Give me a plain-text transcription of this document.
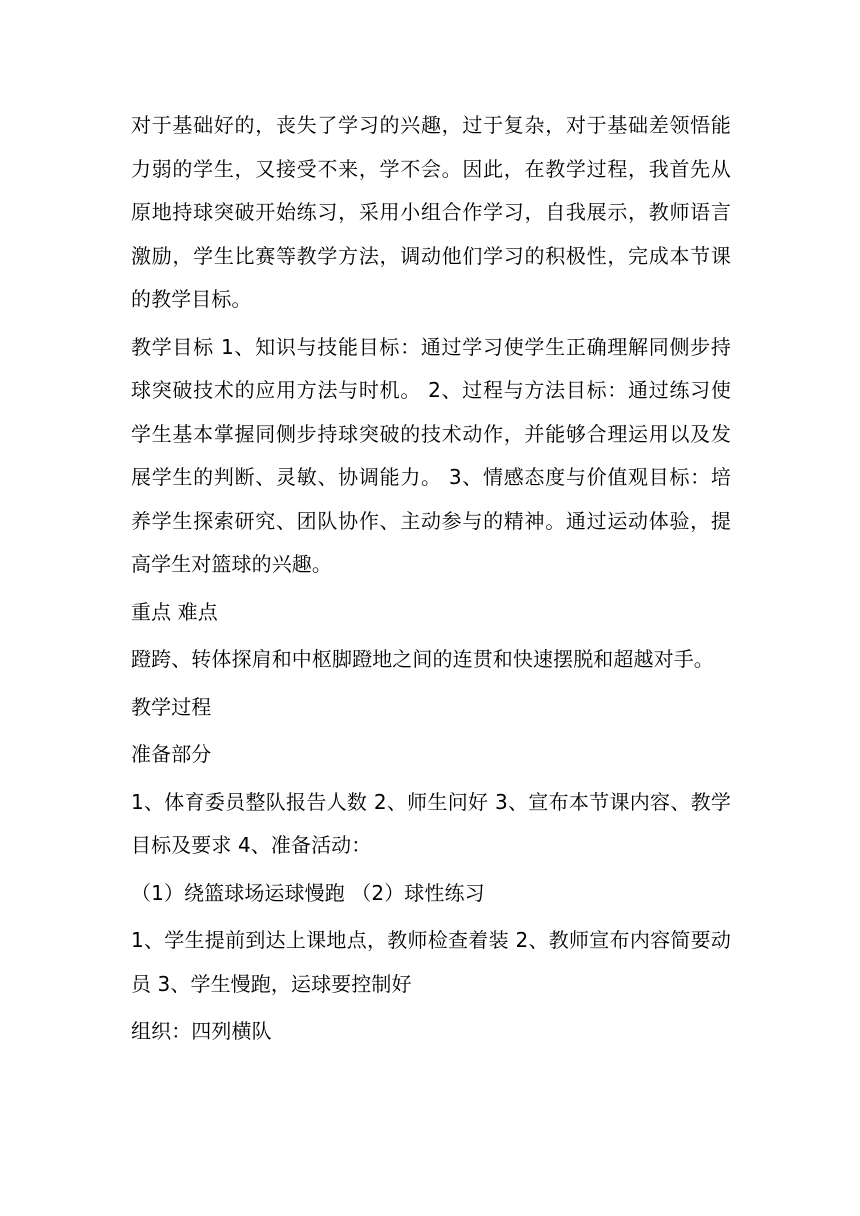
对于基础好的，丧失了学习的兴趣，过于复杂，对于基础差领悟能力弱的学生，又接受不来，学不会。因此，在教学过程，我首先从原地持球突破开始练习，采用小组合作学习，自我展示，教师语言激励，学生比赛等教学方法，调动他们学习的积极性，完成本节课的教学目标。

教学目标 1、知识与技能目标：通过学习使学生正确理解同侧步持球突破技术的应用方法与时机。 2、过程与方法目标：通过练习使学生基本掌握同侧步持球突破的技术动作，并能够合理运用以及发展学生的判断、灵敏、协调能力。 3、情感态度与价值观目标：培养学生探索研究、团队协作、主动参与的精神。通过运动体验，提高学生对篮球的兴趣。

重点 难点

蹬跨、转体探肩和中枢脚蹬地之间的连贯和快速摆脱和超越对手。

教学过程

准备部分

1、体育委员整队报告人数 2、师生问好 3、宣布本节课内容、教学目标及要求 4、准备活动：

（1）绕篮球场运球慢跑 （2）球性练习

1、学生提前到达上课地点，教师检查着装 2、教师宣布内容简要动员 3、学生慢跑，运球要控制好

组织：四列横队
